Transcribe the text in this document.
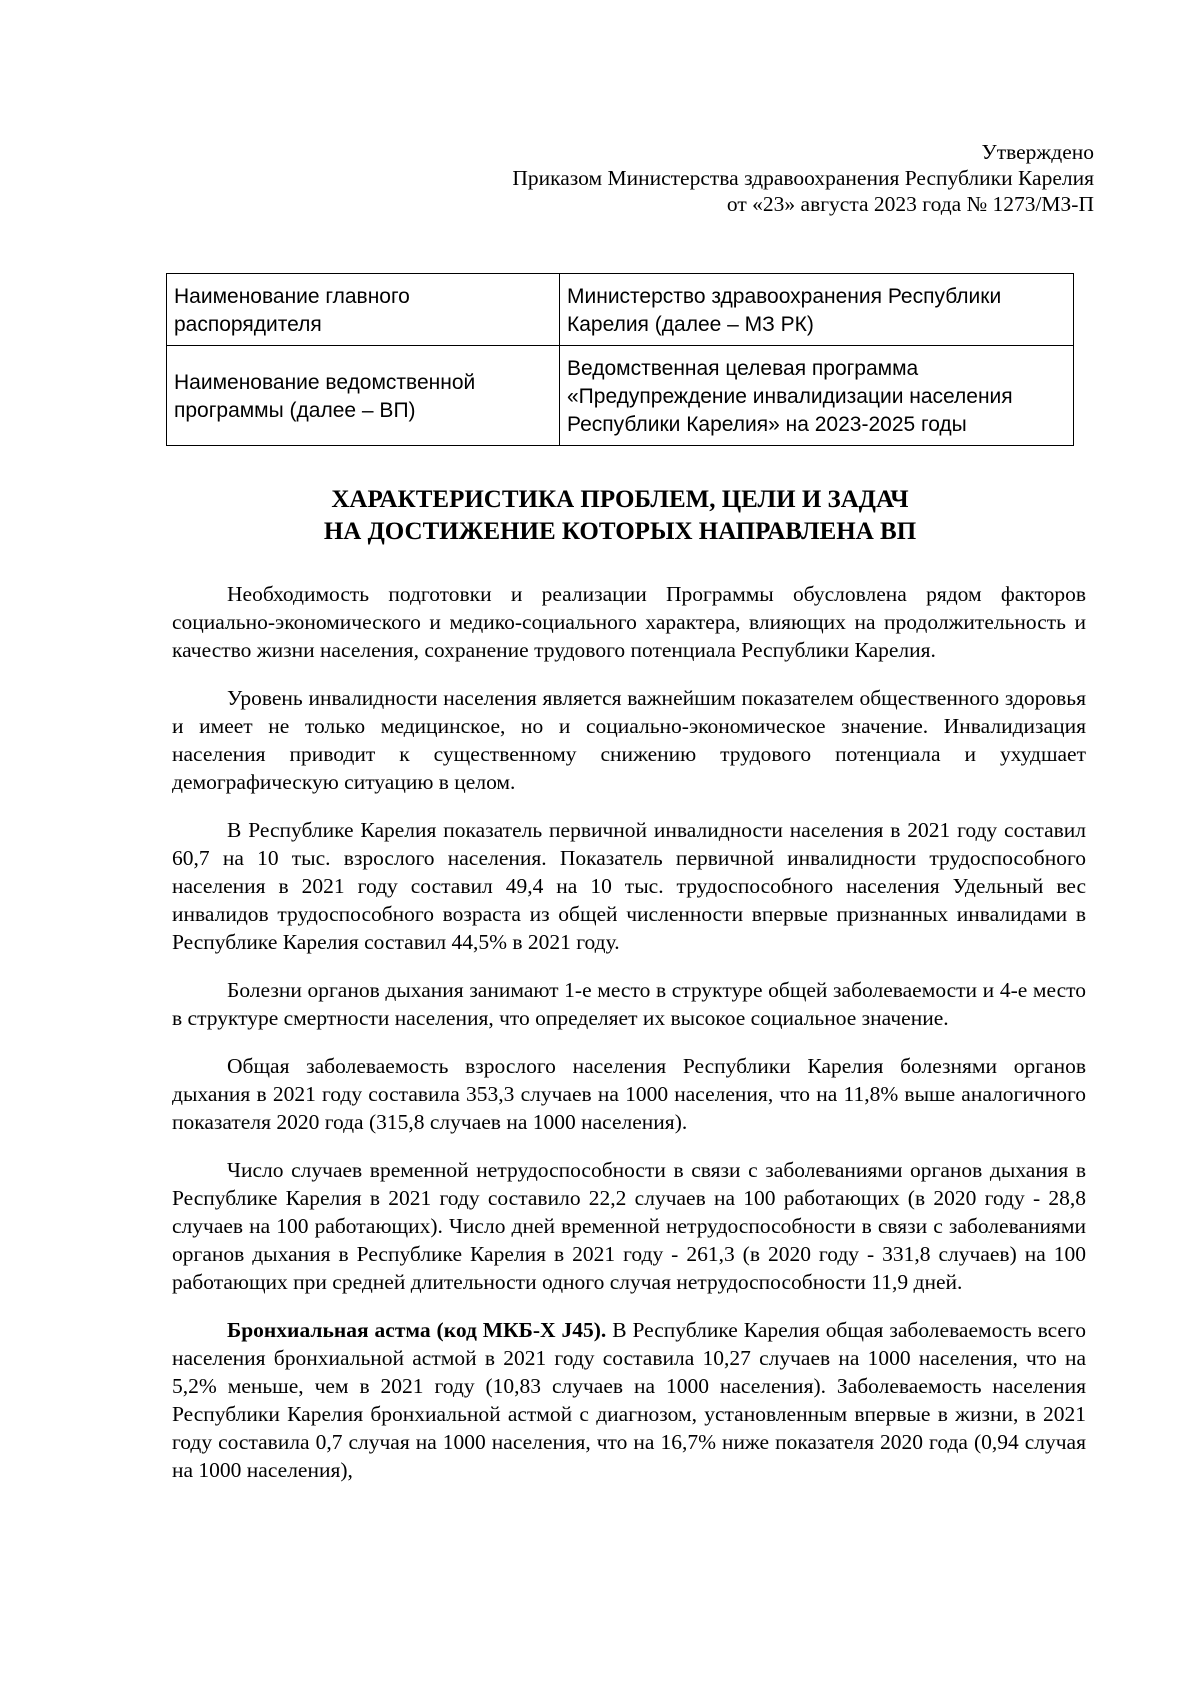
Утверждено
Приказом Министерства здравоохранения Республики Карелия
от «23» августа 2023 года № 1273/МЗ-П
Наименование главного распорядителя	Министерство здравоохранения Республики Карелия (далее – МЗ РК)
Наименование ведомственной программы (далее – ВП)	Ведомственная целевая программа «Предупреждение инвалидизации населения Республики Карелия» на 2023-2025 годы
ХАРАКТЕРИСТИКА ПРОБЛЕМ, ЦЕЛИ И ЗАДАЧ
НА ДОСТИЖЕНИЕ КОТОРЫХ НАПРАВЛЕНА ВП

Необходимость подготовки и реализации Программы обусловлена рядом факторов социально-экономического и медико-социального характера, влияющих на продолжительность и качество жизни населения, сохранение трудового потенциала Республики Карелия.

Уровень инвалидности населения является важнейшим показателем общественного здоровья и имеет не только медицинское, но и социально-экономическое значение. Инвалидизация населения приводит к существенному снижению трудового потенциала и ухудшает демографическую ситуацию в целом.

В Республике Карелия показатель первичной инвалидности населения в 2021 году составил 60,7 на 10 тыс. взрослого населения. Показатель первичной инвалидности трудоспособного населения в 2021 году составил 49,4 на 10 тыс. трудоспособного населения Удельный вес инвалидов трудоспособного возраста из общей численности впервые признанных инвалидами в Республике Карелия составил 44,5% в 2021 году.

Болезни органов дыхания занимают 1-е место в структуре общей заболеваемости и 4-е место в структуре смертности населения, что определяет их высокое социальное значение.

Общая заболеваемость взрослого населения Республики Карелия болезнями органов дыхания в 2021 году составила 353,3 случаев на 1000 населения, что на 11,8% выше аналогичного показателя 2020 года (315,8 случаев на 1000 населения).

Число случаев временной нетрудоспособности в связи с заболеваниями органов дыхания в Республике Карелия в 2021 году составило 22,2 случаев на 100 работающих (в 2020 году - 28,8 случаев на 100 работающих). Число дней временной нетрудоспособности в связи с заболеваниями органов дыхания в Республике Карелия в 2021 году - 261,3 (в 2020 году - 331,8 случаев) на 100 работающих при средней длительности одного случая нетрудоспособности 11,9 дней.

Бронхиальная астма (код МКБ-Х J45). В Республике Карелия общая заболеваемость всего населения бронхиальной астмой в 2021 году составила 10,27 случаев на 1000 населения, что на 5,2% меньше, чем в 2021 году (10,83 случаев на 1000 населения). Заболеваемость населения Республики Карелия бронхиальной астмой с диагнозом, установленным впервые в жизни, в 2021 году составила 0,7 случая на 1000 населения, что на 16,7% ниже показателя 2020 года (0,94 случая на 1000 населения),
